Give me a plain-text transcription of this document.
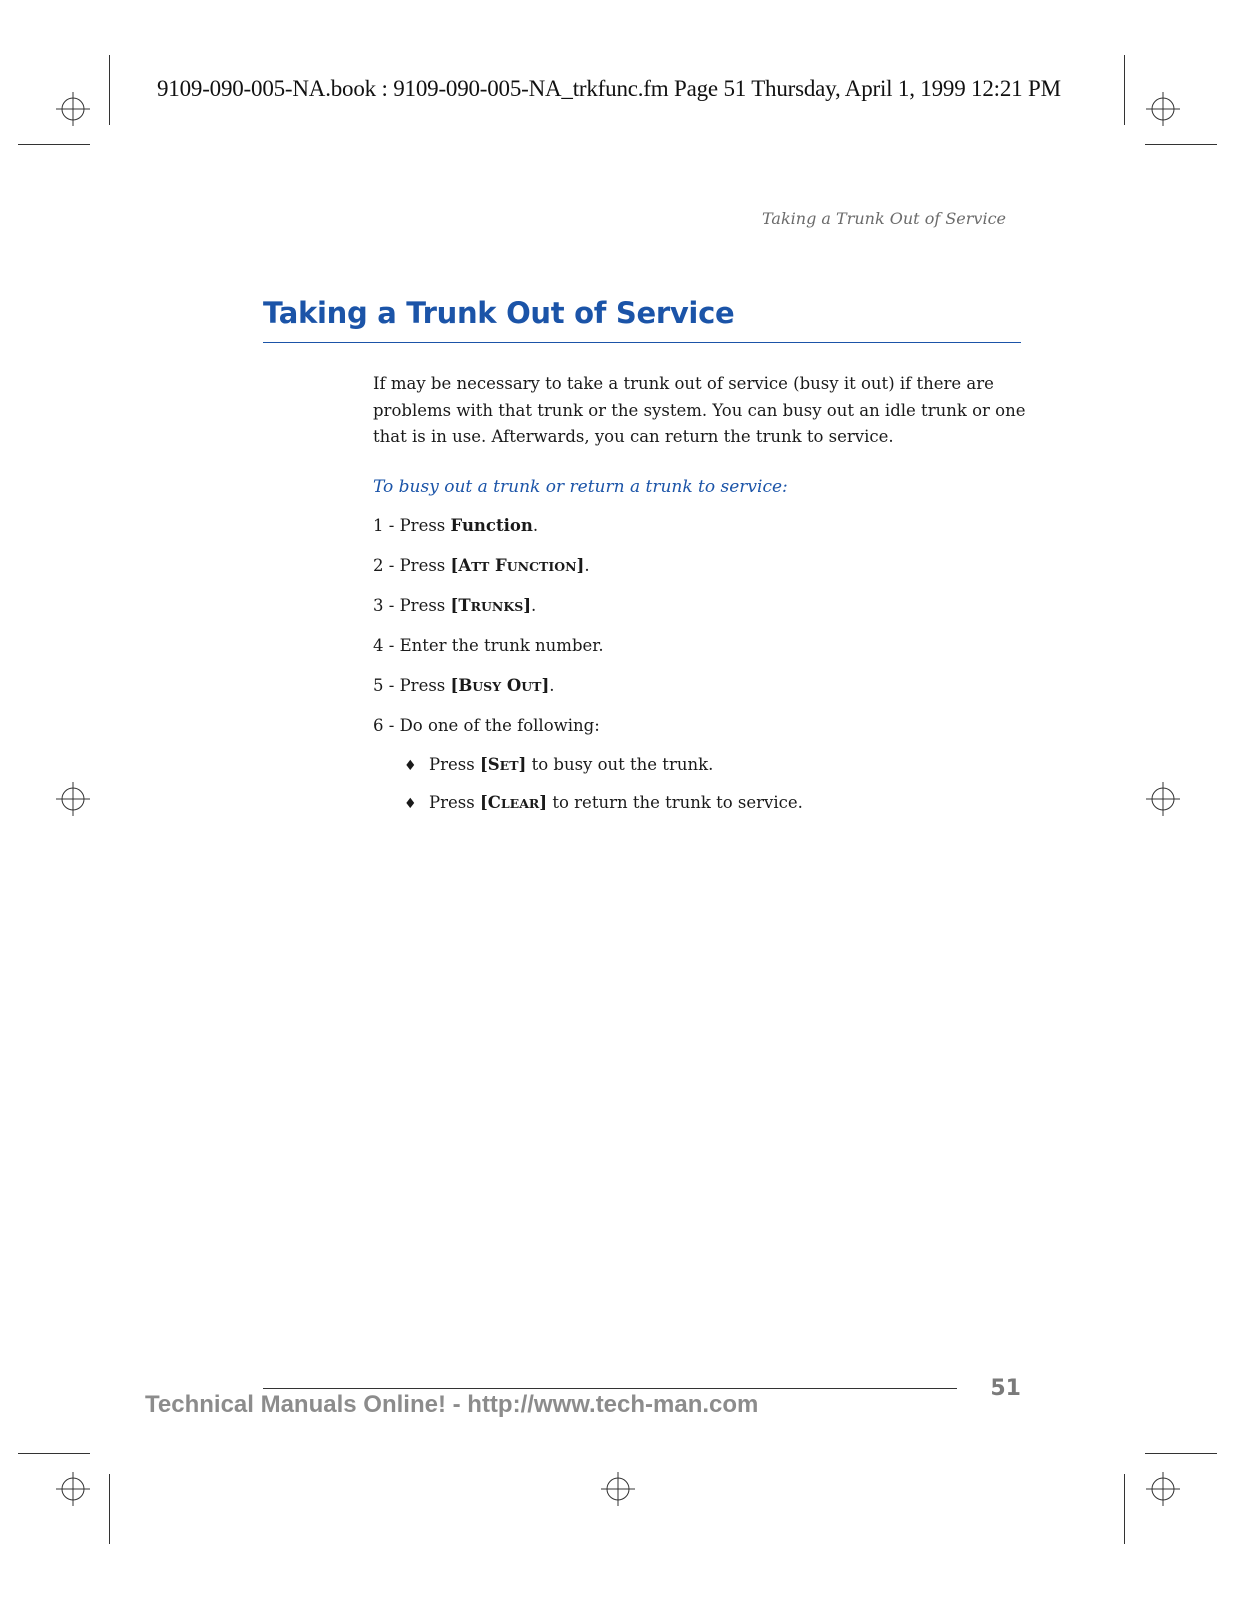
9109-090-005-NA.book : 9109-090-005-NA_trkfunc.fm Page 51 Thursday, April 1, 1999 12:21 PM
Taking a Trunk Out of Service
Taking a Trunk Out of Service
If may be necessary to take a trunk out of service (busy it out) if there are problems with that trunk or the system. You can busy out an idle trunk or one that is in use. Afterwards, you can return the trunk to service.
To busy out a trunk or return a trunk to service:
1 - Press Function.
2 - Press [ATT FUNCTION].
3 - Press [TRUNKS].
4 - Enter the trunk number.
5 - Press [BUSY OUT].
6 - Do one of the following:
♦ Press [SET] to busy out the trunk.
♦ Press [CLEAR] to return the trunk to service.
51
Technical Manuals Online! - http://www.tech-man.com
